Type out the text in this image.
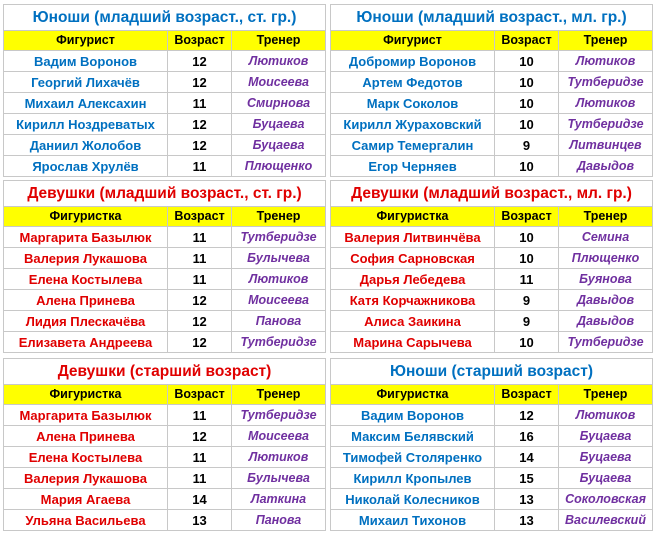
Юноши (младший возраст., ст. гр.)		
Фигурист	Возраст	Тренер
Вадим Воронов	12	Лютиков
Георгий Лихачёв	12	Моисеева
Михаил Алексахин	11	Смирнова
Кирилл Ноздреватых	12	Буцаева
Даниил Жолобов	12	Буцаева
Ярослав Хрулёв	11	Плющенко
Юноши (младший возраст., мл. гр.)		
Фигурист	Возраст	Тренер
Добромир Воронов	10	Лютиков
Артем Федотов	10	Тутберидзе
Марк Соколов	10	Лютиков
Кирилл Жураховский	10	Тутберидзе
Самир Темергалин	9	Литвинцев
Егор Черняев	10	Давыдов
Девушки (младший возраст., ст. гр.)		
Фигуристка	Возраст	Тренер
Маргарита Базылюк	11	Тутберидзе
Валерия Лукашова	11	Булычева
Елена Костылева	11	Лютиков
Алена Принева	12	Моисеева
Лидия Плескачёва	12	Панова
Елизавета Андреева	12	Тутберидзе
Девушки (младший возраст., мл. гр.)		
Фигуристка	Возраст	Тренер
Валерия Литвинчёва	10	Семина
София Сарновская	10	Плющенко
Дарья Лебедева	11	Буянова
Катя Корчажникова	9	Давыдов
Алиса Заикина	9	Давыдов
Марина Сарычева	10	Тутберидзе
Девушки (старший возраст)		
Фигуристка	Возраст	Тренер
Маргарита Базылюк	11	Тутберидзе
Алена Принева	12	Моисеева
Елена Костылева	11	Лютиков
Валерия Лукашова	11	Булычева
Мария Агаева	14	Латкина
Ульяна Васильева	13	Панова
Юноши (старший возраст)		
Фигуристка	Возраст	Тренер
Вадим Воронов	12	Лютиков
Максим Белявский	16	Буцаева
Тимофей Столяренко	14	Буцаева
Кирилл Кропылев	15	Буцаева
Николай Колесников	13	Соколовская
Михаил Тихонов	13	Василевский
